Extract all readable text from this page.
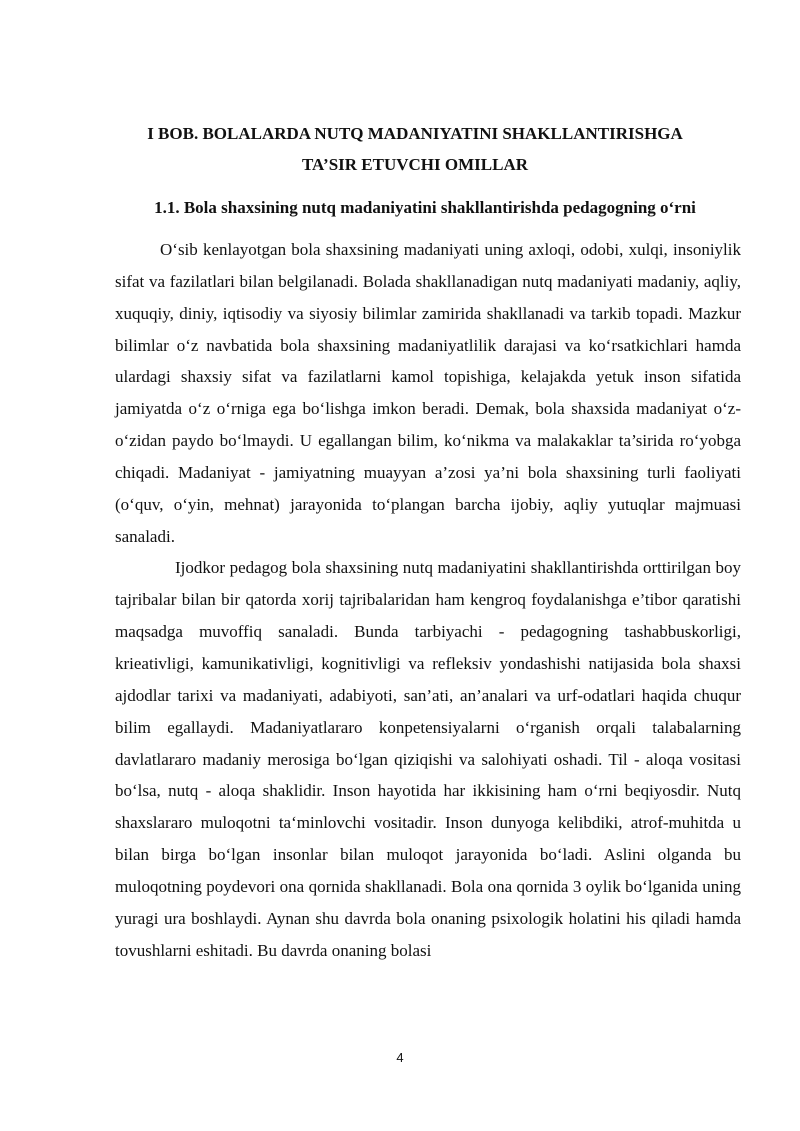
I BOB. BOLALARDA NUTQ MADANIYATINI SHAKLLANTIRISHGA
TA’SIR ETUVCHI OMILLAR
1.1. Bola shaxsining nutq madaniyatini shakllantirishda pedagogning o‘rni

O‘sib kenlayotgan bola shaxsining madaniyati uning axloqi, odobi, xulqi, insoniylik sifat va fazilatlari bilan belgilanadi. Bolada shakllanadigan nutq madaniyati madaniy, aqliy, xuquqiy, diniy, iqtisodiy va siyosiy bilimlar zamirida shakllanadi va tarkib topadi. Mazkur bilimlar o‘z navbatida bola shaxsining madaniyatlilik darajasi va ko‘rsatkichlari hamda ulardagi shaxsiy sifat va fazilatlarni kamol topishiga, kelajakda yetuk inson sifatida jamiyatda o‘z o‘rniga ega bo‘lishga imkon beradi. Demak, bola shaxsida madaniyat o‘z-o‘zidan paydo bo‘lmaydi. U egallangan bilim, ko‘nikma va malakaklar ta’sirida ro‘yobga chiqadi. Madaniyat - jamiyatning muayyan a’zosi ya’ni bola shaxsining turli faoliyati (o‘quv, o‘yin, mehnat) jarayonida to‘plangan barcha ijobiy, aqliy yutuqlar majmuasi sanaladi.

Ijodkor pedagog bola shaxsining nutq madaniyatini shakllantirishda orttirilgan boy tajribalar bilan bir qatorda xorij tajribalaridan ham kengroq foydalanishga e’tibor qaratishi maqsadga muvoffiq sanaladi. Bunda tarbiyachi - pedagogning tashabbuskorligi, krieativligi, kamunikativligi, kognitivligi va refleksiv yondashishi natijasida bola shaxsi ajdodlar tarixi va madaniyati, adabiyoti, san’ati, an’analari va urf-odatlari haqida chuqur bilim egallaydi. Madaniyatlararo konpetensiyalarni o‘rganish orqali talabalarning davlatlararo madaniy merosiga bo‘lgan qiziqishi va salohiyati oshadi. Til - aloqa vositasi bo‘lsa, nutq - aloqa shaklidir. Inson hayotida har ikkisining ham o‘rni beqiyosdir. Nutq shaxslararo muloqotni ta‘minlovchi vositadir. Inson dunyoga kelibdiki, atrof-muhitda u bilan birga bo‘lgan insonlar bilan muloqot jarayonida bo‘ladi. Aslini olganda bu muloqotning poydevori ona qornida shakllanadi. Bola ona qornida 3 oylik bo‘lganida uning yuragi ura boshlaydi. Aynan shu davrda bola onaning psixologik holatini his qiladi hamda tovushlarni eshitadi. Bu davrda onaning bolasi

4
